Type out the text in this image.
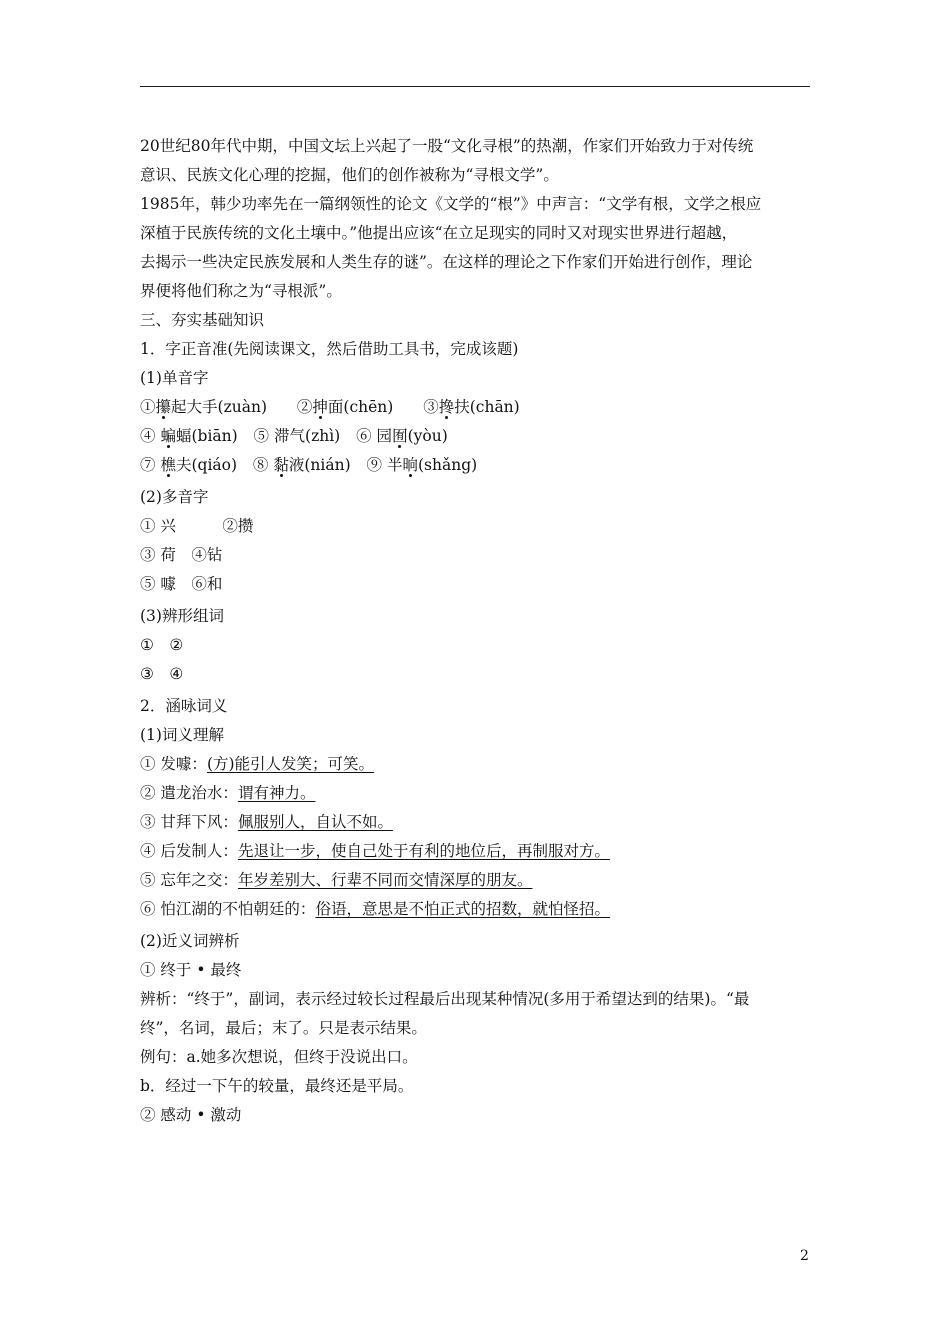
20世纪80年代中期，中国文坛上兴起了一股“文化寻根”的热潮，作家们开始致力于对传统
意识、民族文化心理的挖掘，他们的创作被称为“寻根文学”。
1985年，韩少功率先在一篇纲领性的论文《文学的“根”》中声言：“文学有根，文学之根应
深植于民族传统的文化土壤中。”他提出应该“在立足现实的同时又对现实世界进行超越，
去揭示一些决定民族发展和人类生存的谜”。在这样的理论之下作家们开始进行创作，理论
界便将他们称之为“寻根派”。
三、夯实基础知识
1．字正音准(先阅读课文，然后借助工具书，完成该题)
(1)单音字
①攥起大手(zuàn) ②抻面(chēn) ③搀扶(chān)
④ 蝙蝠(biān) ⑤ 滞气(zhì) ⑥ 园囿(yòu)
⑦ 樵夫(qiáo) ⑧ 黏液(nián) ⑨ 半晌(shǎng)
(2)多音字
① 兴　　　②攒
③ 荷　④钻
⑤ 噱　⑥和
(3)辨形组词
①　②
③　④
2．涵咏词义
(1)词义理解
① 发噱：(方)能引人发笑；可笑。
② 遣龙治水：谓有神力。
③ 甘拜下风：佩服别人，自认不如。
④ 后发制人：先退让一步，使自己处于有利的地位后，再制服对方。
⑤ 忘年之交：年岁差别大、行辈不同而交情深厚的朋友。
⑥ 怕江湖的不怕朝廷的：俗语，意思是不怕正式的招数，就怕怪招。
(2)近义词辨析
① 终于 • 最终
辨析：“终于”，副词，表示经过较长过程最后出现某种情况(多用于希望达到的结果)。“最
终”，名词，最后；末了。只是表示结果。
例句：a.她多次想说，但终于没说出口。
b．经过一下午的较量，最终还是平局。
② 感动 • 激动
2
